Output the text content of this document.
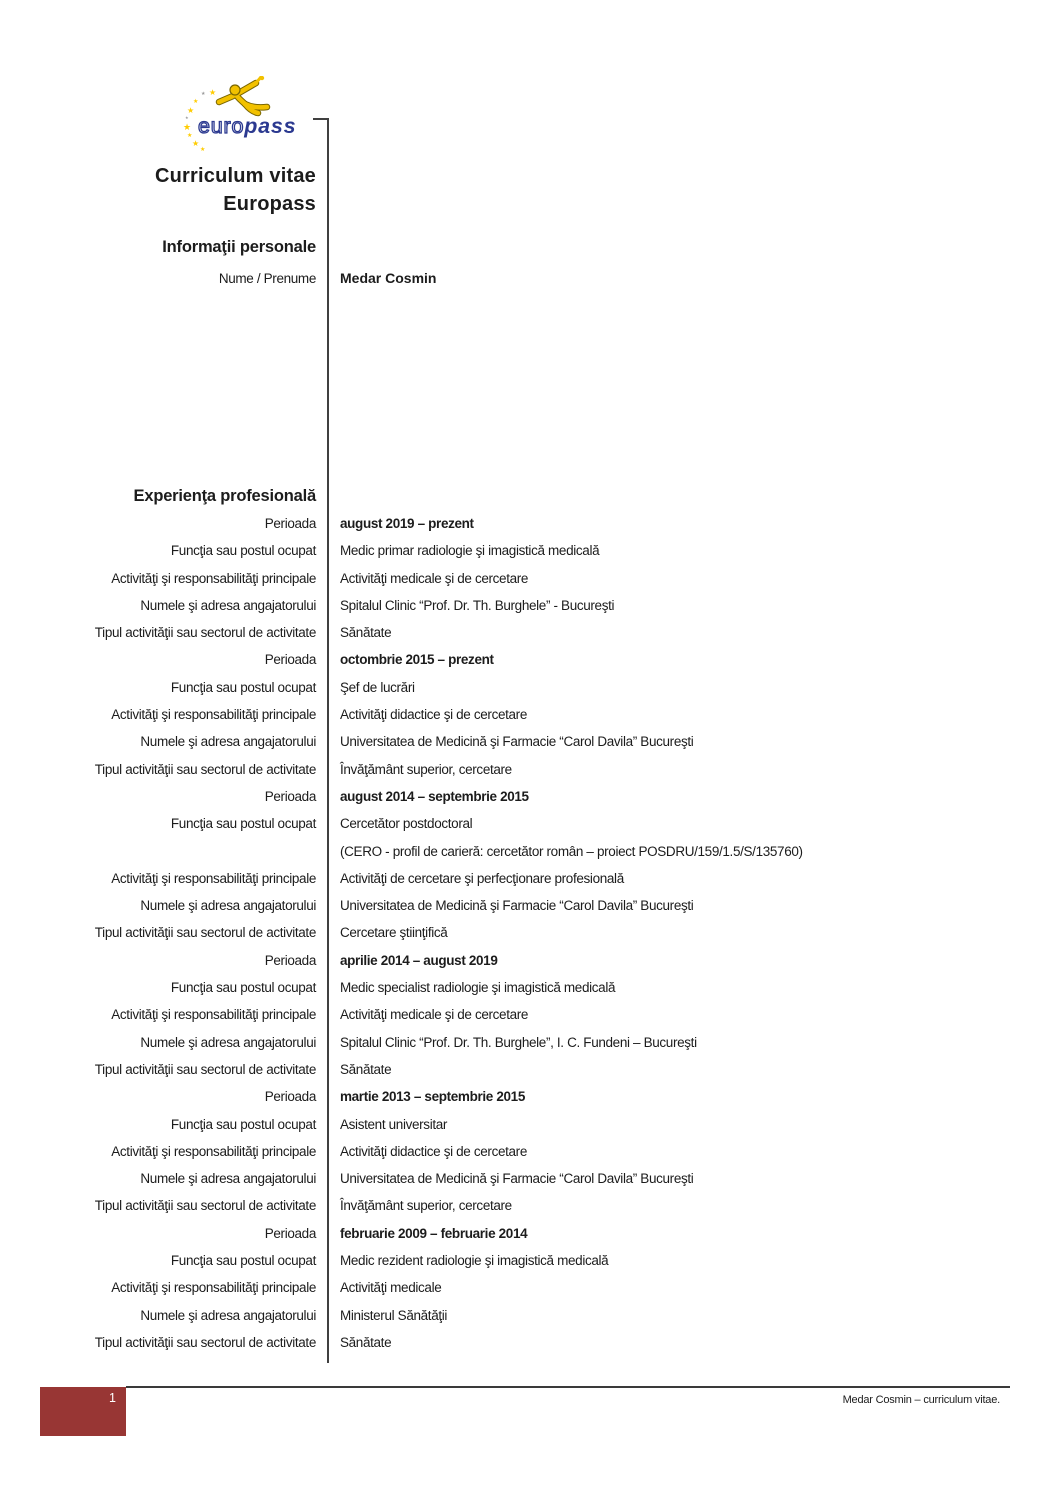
★ ★
★
★
★
★
★
★
★
europass
Curriculum vitae
Europass
Informaţii personale
Nume / Prenume Medar Cosmin
Experienţa profesională
Perioada august 2019 – prezent
Funcţia sau postul ocupat Medic primar radiologie şi imagistică medicală
Activităţi şi responsabilităţi principale Activităţi medicale şi de cercetare
Numele şi adresa angajatorului Spitalul Clinic “Prof. Dr. Th. Burghele” - Bucureşti
Tipul activităţii sau sectorul de activitate Sănătate
Perioada octombrie 2015 – prezent
Funcţia sau postul ocupat Şef de lucrări
Activităţi şi responsabilităţi principale Activităţi didactice şi de cercetare
Numele şi adresa angajatorului Universitatea de Medicină şi Farmacie “Carol Davila” Bucureşti
Tipul activităţii sau sectorul de activitate Învăţământ superior, cercetare
Perioada august 2014 – septembrie 2015
Funcţia sau postul ocupat Cercetător postdoctoral
(CERO - profil de carieră: cercetător român – proiect POSDRU/159/1.5/S/135760)
Activităţi şi responsabilităţi principale Activităţi de cercetare şi perfecţionare profesională
Numele şi adresa angajatorului Universitatea de Medicină şi Farmacie “Carol Davila” Bucureşti
Tipul activităţii sau sectorul de activitate Cercetare ştiinţifică
Perioada aprilie 2014 – august 2019
Funcţia sau postul ocupat Medic specialist radiologie şi imagistică medicală
Activităţi şi responsabilităţi principale Activităţi medicale şi de cercetare
Numele şi adresa angajatorului Spitalul Clinic “Prof. Dr. Th. Burghele”, I. C. Fundeni – Bucureşti
Tipul activităţii sau sectorul de activitate Sănătate
Perioada martie 2013 – septembrie 2015
Funcţia sau postul ocupat Asistent universitar
Activităţi şi responsabilităţi principale Activităţi didactice şi de cercetare
Numele şi adresa angajatorului Universitatea de Medicină şi Farmacie “Carol Davila” Bucureşti
Tipul activităţii sau sectorul de activitate Învăţământ superior, cercetare
Perioada februarie 2009 – februarie 2014
Funcţia sau postul ocupat Medic rezident radiologie şi imagistică medicală
Activităţi şi responsabilităţi principale Activităţi medicale
Numele şi adresa angajatorului Ministerul Sănătăţii
Tipul activităţii sau sectorul de activitate Sănătate
1	Medar Cosmin – curriculum vitae.
